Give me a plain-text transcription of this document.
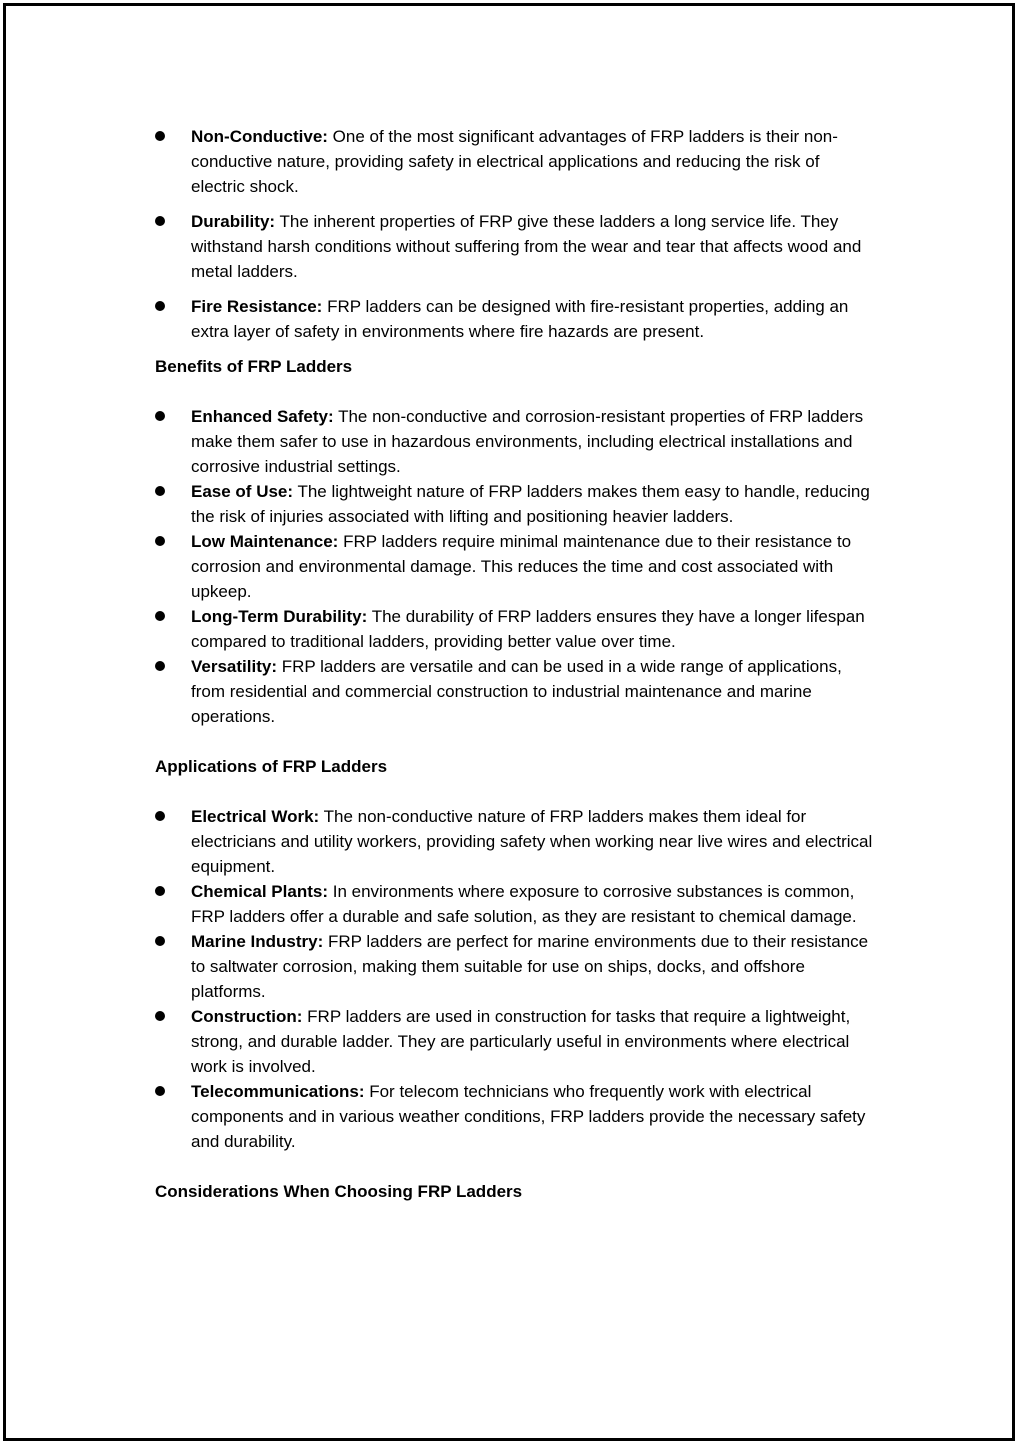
Non-Conductive: One of the most significant advantages of FRP ladders is their non-conductive nature, providing safety in electrical applications and reducing the risk of electric shock.
Durability: The inherent properties of FRP give these ladders a long service life. They withstand harsh conditions without suffering from the wear and tear that affects wood and metal ladders.
Fire Resistance: FRP ladders can be designed with fire-resistant properties, adding an extra layer of safety in environments where fire hazards are present.

Benefits of FRP Ladders

Enhanced Safety: The non-conductive and corrosion-resistant properties of FRP ladders make them safer to use in hazardous environments, including electrical installations and corrosive industrial settings.
Ease of Use: The lightweight nature of FRP ladders makes them easy to handle, reducing the risk of injuries associated with lifting and positioning heavier ladders.
Low Maintenance: FRP ladders require minimal maintenance due to their resistance to corrosion and environmental damage. This reduces the time and cost associated with upkeep.
Long-Term Durability: The durability of FRP ladders ensures they have a longer lifespan compared to traditional ladders, providing better value over time.
Versatility: FRP ladders are versatile and can be used in a wide range of applications, from residential and commercial construction to industrial maintenance and marine operations.

Applications of FRP Ladders

Electrical Work: The non-conductive nature of FRP ladders makes them ideal for electricians and utility workers, providing safety when working near live wires and electrical equipment.
Chemical Plants: In environments where exposure to corrosive substances is common, FRP ladders offer a durable and safe solution, as they are resistant to chemical damage.
Marine Industry: FRP ladders are perfect for marine environments due to their resistance to saltwater corrosion, making them suitable for use on ships, docks, and offshore platforms.
Construction: FRP ladders are used in construction for tasks that require a lightweight, strong, and durable ladder. They are particularly useful in environments where electrical work is involved.
Telecommunications: For telecom technicians who frequently work with electrical components and in various weather conditions, FRP ladders provide the necessary safety and durability.

Considerations When Choosing FRP Ladders
